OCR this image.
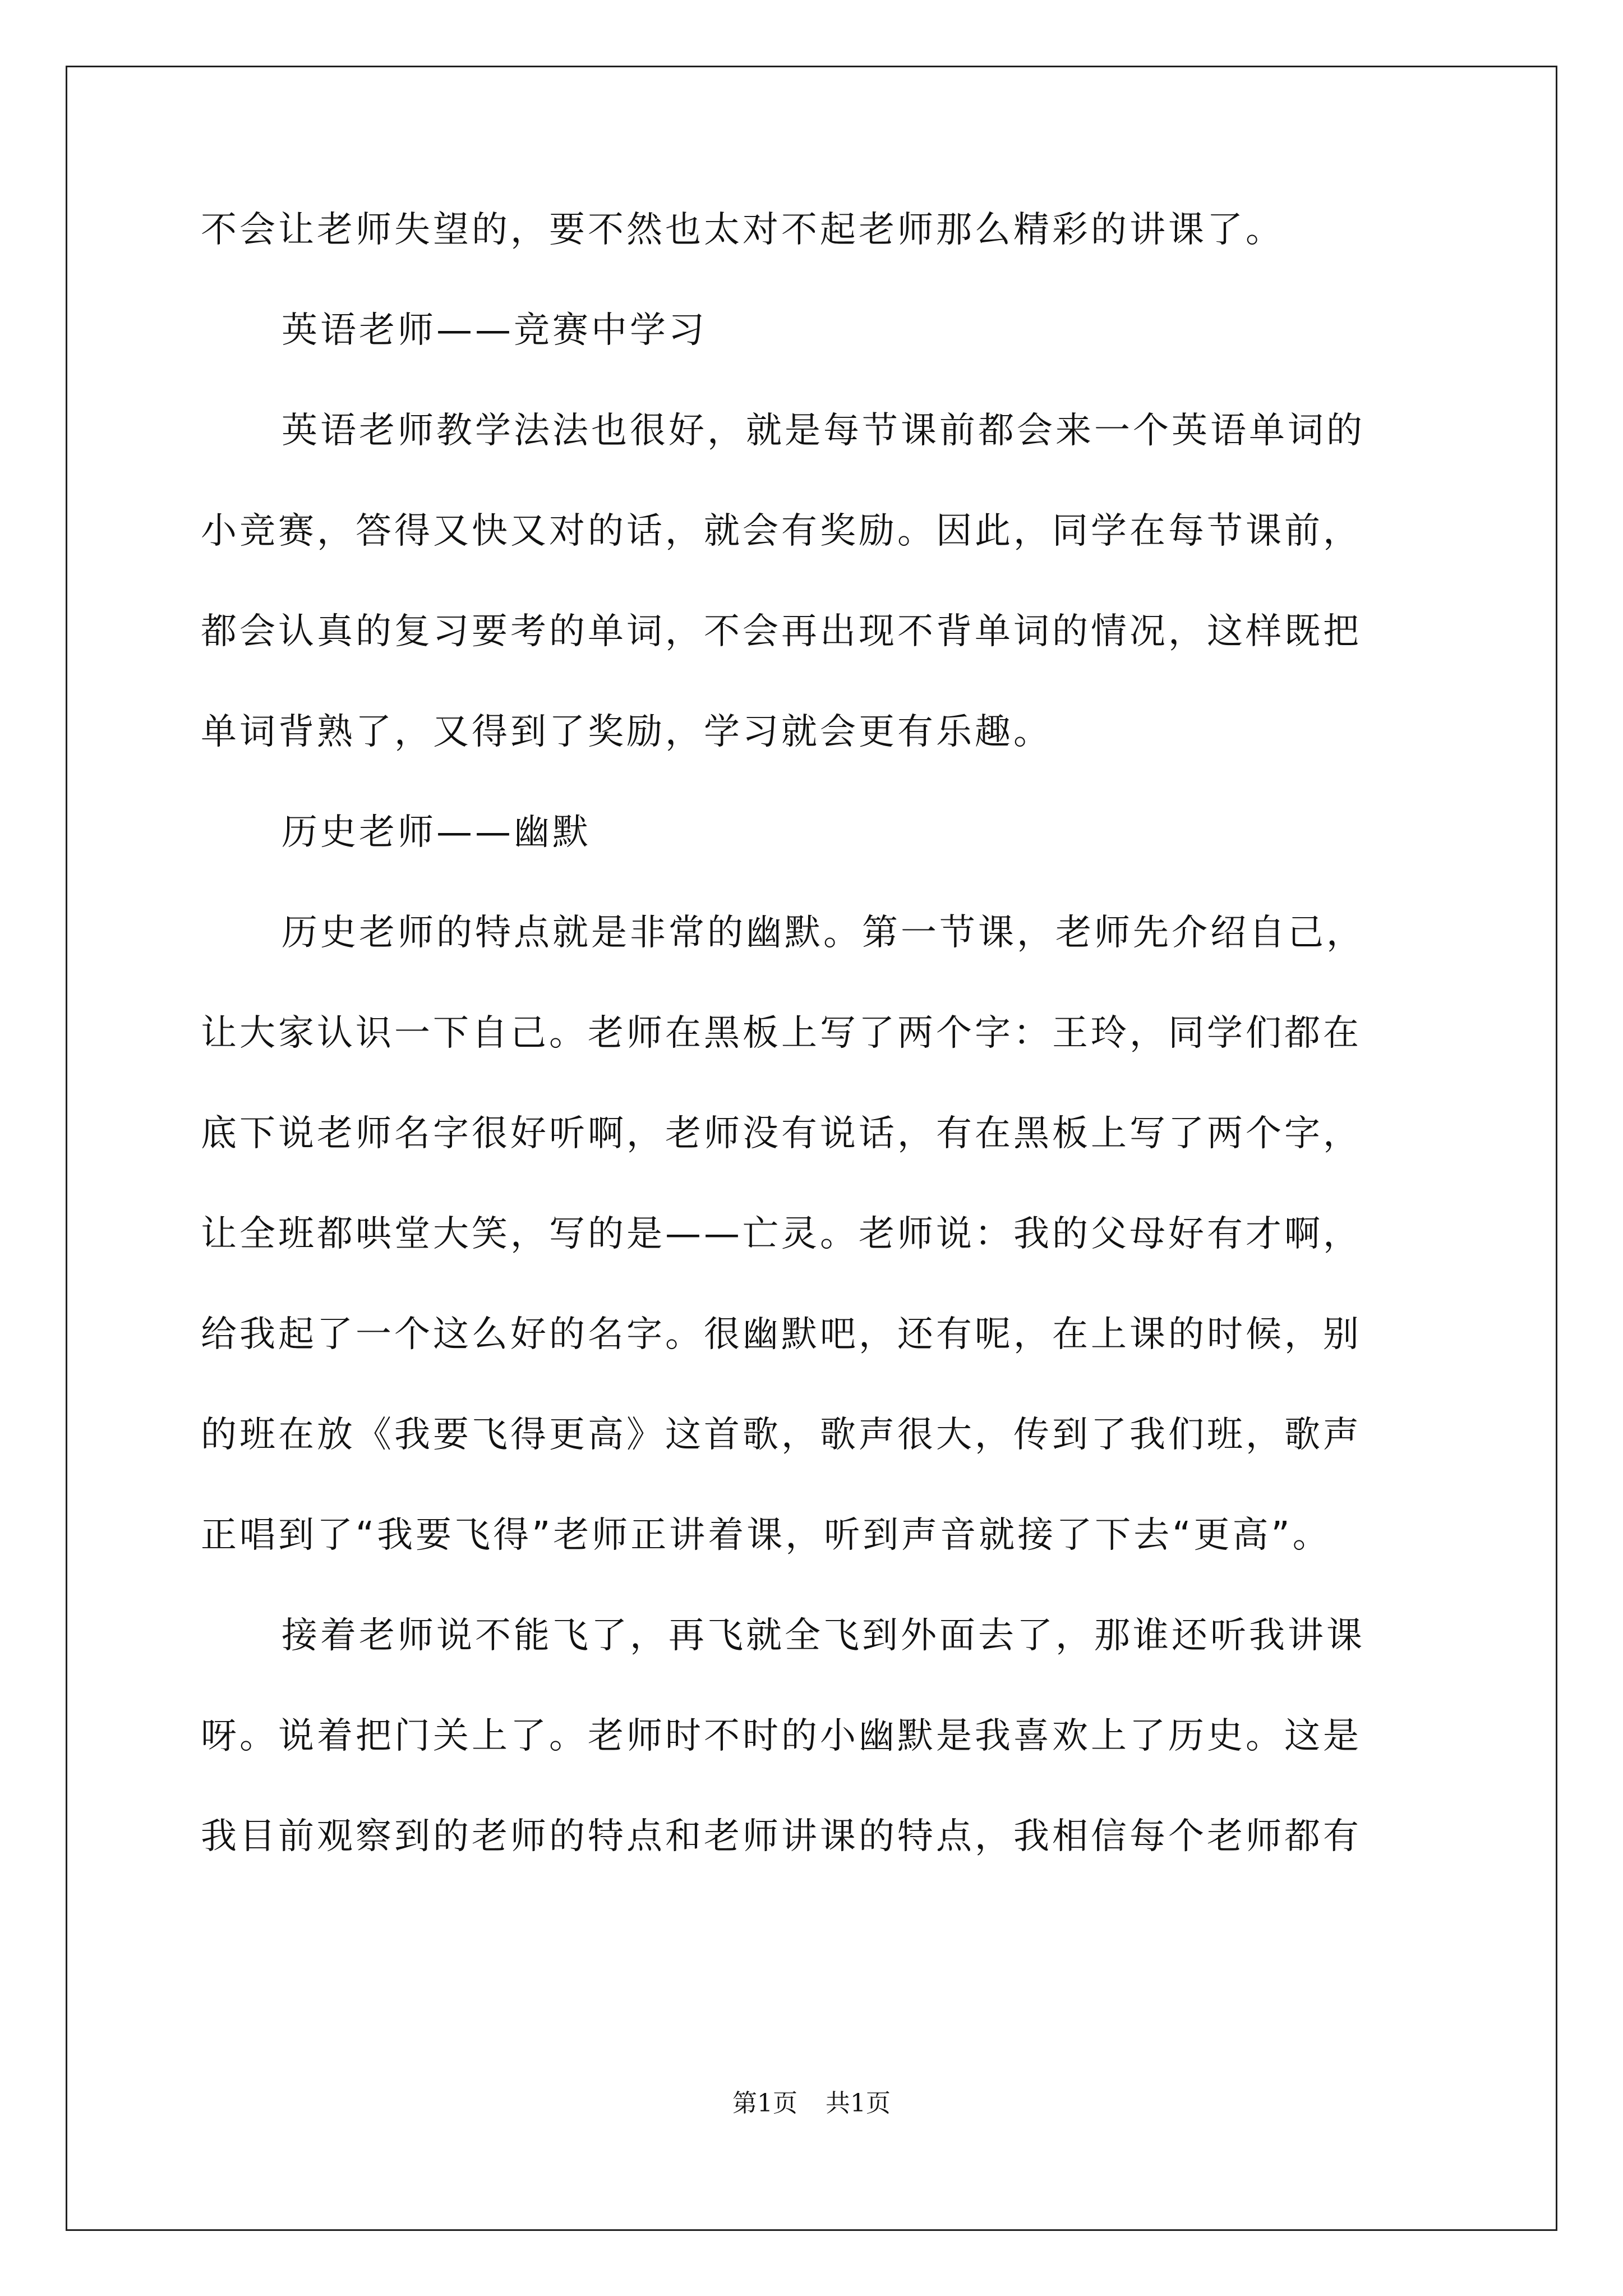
不会让老师失望的，要不然也太对不起老师那么精彩的讲课了。
英语老师——竞赛中学习
英语老师教学法法也很好，就是每节课前都会来一个英语单词的
小竞赛，答得又快又对的话，就会有奖励。因此，同学在每节课前，
都会认真的复习要考的单词，不会再出现不背单词的情况，这样既把
单词背熟了，又得到了奖励，学习就会更有乐趣。
历史老师——幽默
历史老师的特点就是非常的幽默。第一节课，老师先介绍自己，
让大家认识一下自己。老师在黑板上写了两个字：王玲，同学们都在
底下说老师名字很好听啊，老师没有说话，有在黑板上写了两个字，
让全班都哄堂大笑，写的是——亡灵。老师说：我的父母好有才啊，
给我起了一个这么好的名字。很幽默吧，还有呢，在上课的时候，别
的班在放《我要飞得更高》这首歌，歌声很大，传到了我们班，歌声
正唱到了“我要飞得”老师正讲着课，听到声音就接了下去“更高”。
接着老师说不能飞了，再飞就全飞到外面去了，那谁还听我讲课
呀。说着把门关上了。老师时不时的小幽默是我喜欢上了历史。这是
我目前观察到的老师的特点和老师讲课的特点，我相信每个老师都有
第1页 共1页
